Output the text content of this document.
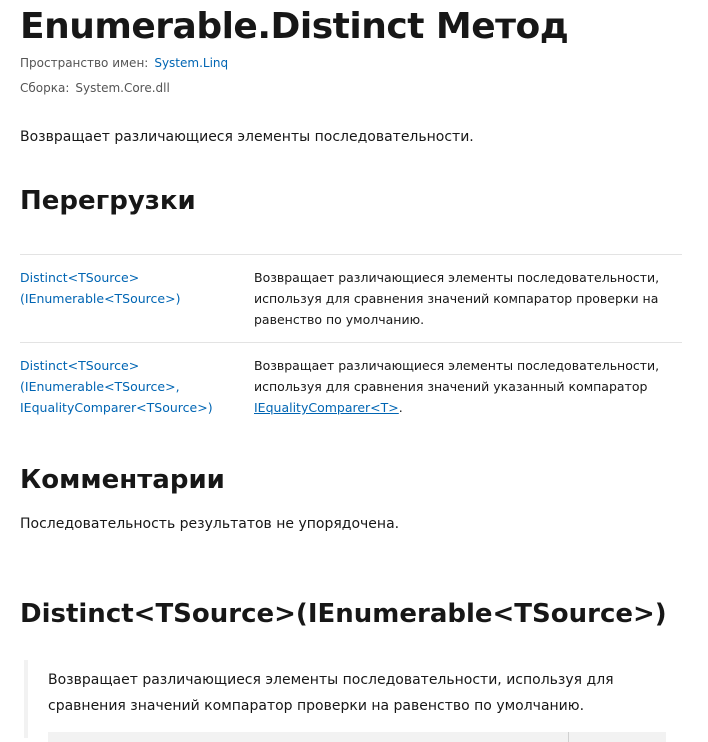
Enumerable.Distinct Метод
Пространство имен: System.Linq
Сборка: System.Core.dll
Возвращает различающиеся элементы последовательности.
Перегрузки
Distinct<TSource>
(IEnumerable<TSource>)
Возвращает различающиеся элементы последовательности, используя для сравнения значений компаратор проверки на равенство по умолчанию.
Distinct<TSource>
(IEnumerable<TSource>,
IEqualityComparer<TSource>)
Возвращает различающиеся элементы последовательности, используя для сравнения значений указанный компаратор IEqualityComparer<T>.
Комментарии
Последовательность результатов не упорядочена.
Distinct<TSource>(IEnumerable<TSource>)
Возвращает различающиеся элементы последовательности, используя для сравнения значений компаратор проверки на равенство по умолчанию.
